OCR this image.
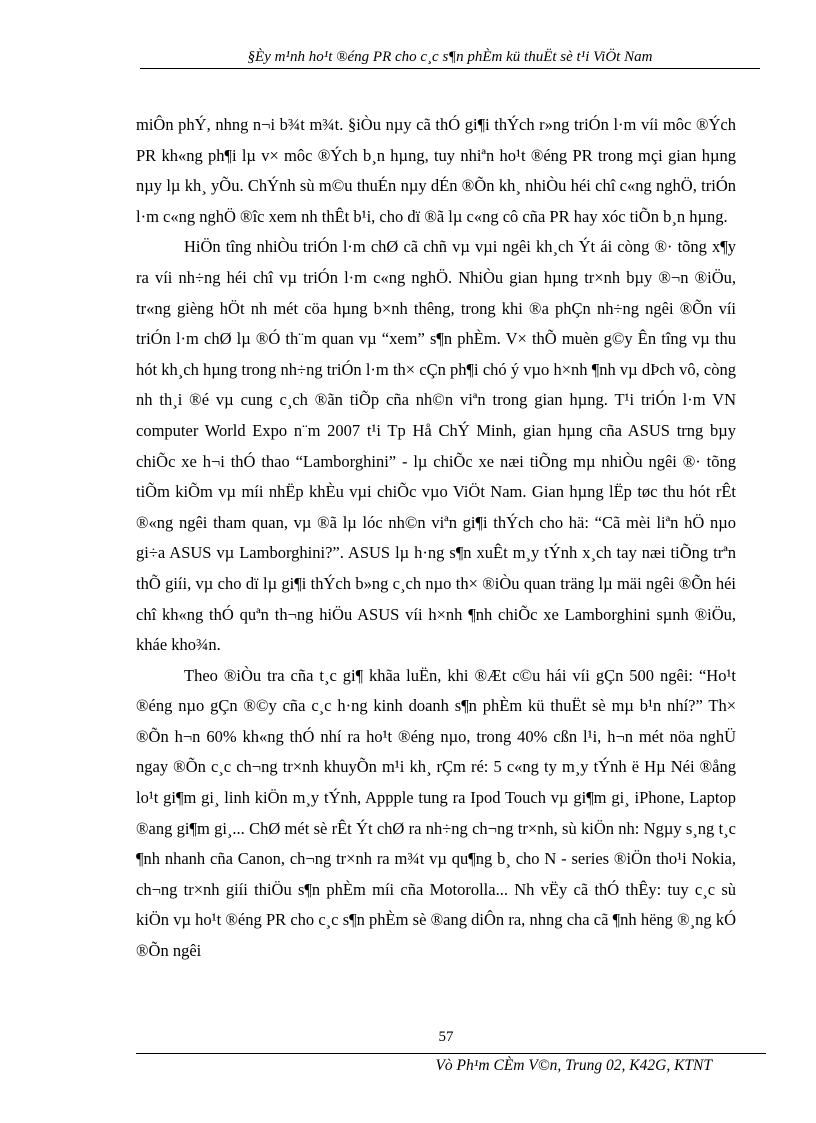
§Èy m¹nh ho¹t ®éng PR cho c¸c s¶n phÈm kü thuËt sè t¹i ViÖt Nam

miÔn phÝ, nhng n¬i b¾t m¾t. §iÒu nµy cã thÓ gi¶i thÝch r»ng triÓn l·m víi môc ®Ých PR kh«ng ph¶i lµ v× môc ®Ých b¸n hµng, tuy nhiªn ho¹t ®éng PR trong mçi gian hµng nµy lµ kh¸ yÕu. ChÝnh sù m©u thuÉn nµy dÉn ®Õn kh¸ nhiÒu héi chî c«ng nghÖ, triÓn l·m c«ng nghÖ ®îc xem nh thÊt b¹i, cho dï ®ã lµ c«ng cô cña PR hay xóc tiÕn b¸n hµng.

HiÖn tîng nhiÒu triÓn l·m chØ cã chñ vµ vµi ngêi kh¸ch Ýt ái còng ®· tõng x¶y ra víi nh÷ng héi chî vµ triÓn l·m c«ng nghÖ. NhiÒu gian hµng tr×nh bµy ®¬n ®iÖu, tr«ng gièng hÖt nh mét cöa hµng b×nh thêng, trong khi ®a phÇn nh÷ng ngêi ®Õn víi triÓn l·m chØ lµ ®Ó th¨m quan vµ “xem” s¶n phÈm. V× thÕ muèn g©y Ên tîng vµ thu hót kh¸ch hµng trong nh÷ng triÓn l·m th× cÇn ph¶i chó ý vµo h×nh ¶nh vµ dÞch vô, còng nh th¸i ®é vµ cung c¸ch ®ãn tiÕp cña nh©n viªn trong gian hµng. T¹i triÓn l·m VN computer World Expo n¨m 2007 t¹i Tp Hå ChÝ Minh, gian hµng cña ASUS trng bµy chiÕc xe h¬i thÓ thao “Lamborghini” - lµ chiÕc xe næi tiÕng mµ nhiÒu ngêi ®· tõng tiÕm kiÕm vµ míi nhËp khÈu vµi chiÕc vµo ViÖt Nam. Gian hµng lËp tøc thu hót rÊt ®«ng ngêi tham quan, vµ ®ã lµ lóc nh©n viªn gi¶i thÝch cho hä: “Cã mèi liªn hÖ nµo gi÷a ASUS vµ Lamborghini?”. ASUS lµ h·ng s¶n xuÊt m¸y tÝnh x¸ch tay næi tiÕng trªn thÕ giíi, vµ cho dï lµ gi¶i thÝch b»ng c¸ch nµo th× ®iÒu quan träng lµ mäi ngêi ®Õn héi chî kh«ng thÓ quªn th¬ng hiÖu ASUS víi h×nh ¶nh chiÕc xe Lamborghini sµnh ®iÖu, kháe kho¾n.

Theo ®iÒu tra cña t¸c gi¶ khãa luËn, khi ®Æt c©u hái víi gÇn 500 ngêi: “Ho¹t ®éng nµo gÇn ®©y cña c¸c h·ng kinh doanh s¶n phÈm kü thuËt sè mµ b¹n nhí?” Th× ®Õn h¬n 60% kh«ng thÓ nhí ra ho¹t ®éng nµo, trong 40% cßn l¹i, h¬n mét nöa nghÜ ngay ®Õn c¸c ch¬ng tr×nh khuyÕn m¹i kh¸ rÇm ré: 5 c«ng ty m¸y tÝnh ë Hµ Néi ®ång lo¹t gi¶m gi¸ linh kiÖn m¸y tÝnh, Appple tung ra Ipod Touch vµ gi¶m gi¸ iPhone, Laptop ®ang gi¶m gi¸... ChØ mét sè rÊt Ýt chØ ra nh÷ng ch¬ng tr×nh, sù kiÖn nh: Ngµy s¸ng t¸c ¶nh nhanh cña Canon, ch¬ng tr×nh ra m¾t vµ qu¶ng b¸ cho N - series ®iÖn tho¹i Nokia, ch¬ng tr×nh giíi thiÖu s¶n phÈm míi cña Motorolla... Nh vËy cã thÓ thÊy: tuy c¸c sù kiÖn vµ ho¹t ®éng PR cho c¸c s¶n phÈm sè ®ang diÔn ra, nhng cha cã ¶nh hëng ®¸ng kÓ ®Õn ngêi

57
Vò Ph¹m CÈm V©n, Trung 02, K42G, KTNT
